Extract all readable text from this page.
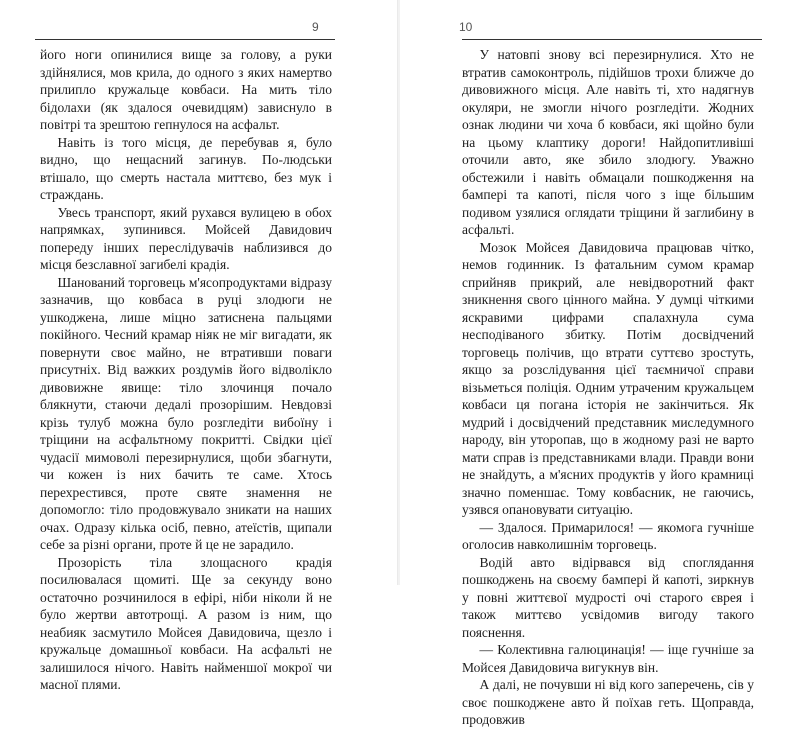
9

його ноги опинилися вище за голову, а руки здійнялися, мов крила, до одного з яких намертво прилипло кружальце ковбаси. На мить тіло бідолахи (як здалося очевидцям) зависнуло в повітрі та зрештою гепнулося на асфальт.

Навіть із того місця, де перебував я, було видно, що нещасний загинув. По-людськи втішало, що смерть настала миттєво, без мук і страждань.

Увесь транспорт, який рухався вулицею в обох напрямках, зупинився. Мойсей Давидович попереду інших переслідувачів наблизився до місця безславної загибелі крадія.

Шанований торговець м'ясопродуктами відразу зазначив, що ковбаса в руці злодюги не ушкоджена, лише міцно затиснена пальцями покійного. Чесний крамар ніяк не міг вигадати, як повернути своє майно, не втративши поваги присутніх. Від важких роздумів його відволікло дивовижне явище: тіло злочинця почало блякнути, стаючи дедалі прозорішим. Невдовзі крізь тулуб можна було розгледіти вибоїну і тріщини на асфальтному покритті. Свідки цієї чудасії мимоволі перезирнулися, щоби збагнути, чи кожен із них бачить те саме. Хтось перехрестився, проте святе знамення не допомогло: тіло продовжувало зникати на наших очах. Одразу кілька осіб, певно, атеїстів, щипали себе за різні органи, проте й це не зарадило.

Прозорість тіла злощасного крадія посилювалася щомиті. Ще за секунду воно остаточно розчинилося в ефірі, ніби ніколи й не було жертви автотрощі. А разом із ним, що неабияк засмутило Мойсея Давидовича, щезло і кружальце домашньої ковбаси. На асфальті не залишилося нічого. Навіть найменшої мокрої чи масної плями.

10

У натовпі знову всі перезирнулися. Хто не втратив самоконтроль, підійшов трохи ближче до дивовижного місця. Але навіть ті, хто надягнув окуляри, не змогли нічого розгледіти. Жодних ознак людини чи хоча б ковбаси, які щойно були на цьому клаптику дороги! Найдопитливіші оточили авто, яке збило злодюгу. Уважно обстежили і навіть обмацали пошкодження на бампері та капоті, після чого з іще більшим подивом узялися оглядати тріщини й заглибину в асфальті.

Мозок Мойсея Давидовича працював чітко, немов годинник. Із фатальним сумом крамар сприйняв прикрий, але невідворотний факт зникнення свого цінного майна. У думці чіткими яскравими цифрами спалахнула сума несподіваного збитку. Потім досвідчений торговець полічив, що втрати суттєво зростуть, якщо за розслідування цієї таємничої справи візьметься поліція. Одним утраченим кружальцем ковбаси ця погана історія не закінчиться. Як мудрий і досвідчений представник миследумного народу, він уторопав, що в жодному разі не варто мати справ із представниками влади. Правди вони не знайдуть, а м'ясних продуктів у його крамниці значно поменшає. Тому ковбасник, не гаючись, узявся опановувати ситуацію.

— Здалося. Примарилося! — якомога гучніше оголосив навколишнім торговець.

Водій авто відірвався від споглядання пошкоджень на своєму бампері й капоті, зиркнув у повні життєвої мудрості очі старого єврея і також миттєво усвідомив вигоду такого пояснення.

— Колективна галюцинація! — іще гучніше за Мойсея Давидовича вигукнув він.

А далі, не почувши ні від кого заперечень, сів у своє пошкоджене авто й поїхав геть. Щоправда, продовжив
